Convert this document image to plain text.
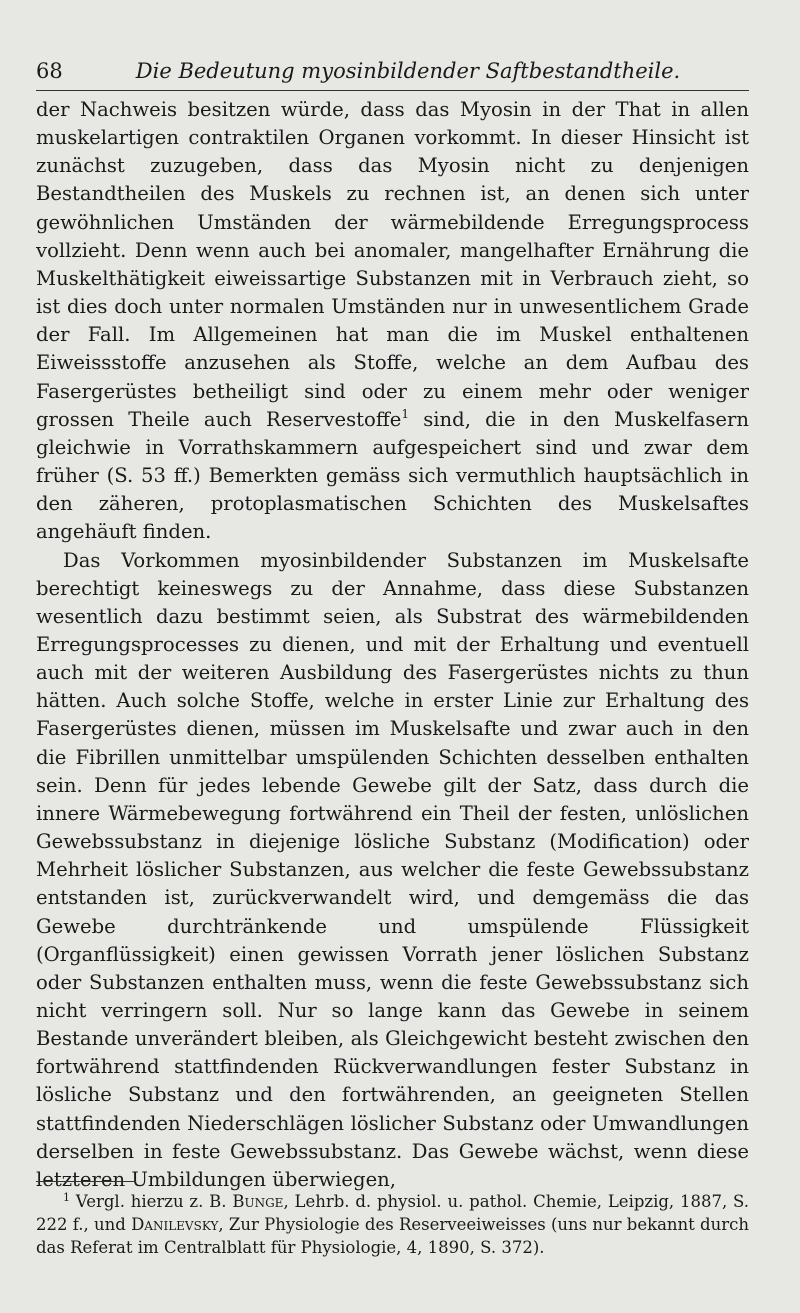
68	Die Bedeutung myosinbildender Saftbestandtheile.

der Nachweis besitzen würde, dass das Myosin in der That in allen muskelartigen contraktilen Organen vorkommt. In dieser Hinsicht ist zunächst zuzugeben, dass das Myosin nicht zu denjenigen Bestandtheilen des Muskels zu rechnen ist, an denen sich unter gewöhnlichen Umständen der wärmebildende Erregungsprocess vollzieht. Denn wenn auch bei anomaler, mangelhafter Ernährung die Muskelthätigkeit eiweissartige Substanzen mit in Verbrauch zieht, so ist dies doch unter normalen Umständen nur in unwesentlichem Grade der Fall. Im Allgemeinen hat man die im Muskel enthaltenen Eiweissstoffe anzusehen als Stoffe, welche an dem Aufbau des Fasergerüstes betheiligt sind oder zu einem mehr oder weniger grossen Theile auch Reservestoffe$^1$ sind, die in den Muskelfasern gleichwie in Vorrathskammern aufgespeichert sind und zwar dem früher (S. 53 ff.) Bemerkten gemäss sich vermuthlich hauptsächlich in den zäheren, protoplasmatischen Schichten des Muskelsaftes angehäuft finden.

Das Vorkommen myosinbildender Substanzen im Muskelsafte berechtigt keineswegs zu der Annahme, dass diese Substanzen wesentlich dazu bestimmt seien, als Substrat des wärmebildenden Erregungsprocesses zu dienen, und mit der Erhaltung und eventuell auch mit der weiteren Ausbildung des Fasergerüstes nichts zu thun hätten. Auch solche Stoffe, welche in erster Linie zur Erhaltung des Fasergerüstes dienen, müssen im Muskelsafte und zwar auch in den die Fibrillen unmittelbar umspülenden Schichten desselben enthalten sein. Denn für jedes lebende Gewebe gilt der Satz, dass durch die innere Wärmebewegung fortwährend ein Theil der festen, unlöslichen Gewebssubstanz in diejenige lösliche Substanz (Modification) oder Mehrheit löslicher Substanzen, aus welcher die feste Gewebssubstanz entstanden ist, zurückverwandelt wird, und demgemäss die das Gewebe durchtränkende und umspülende Flüssigkeit (Organflüssigkeit) einen gewissen Vorrath jener löslichen Substanz oder Substanzen enthalten muss, wenn die feste Gewebssubstanz sich nicht verringern soll. Nur so lange kann das Gewebe in seinem Bestande unverändert bleiben, als Gleichgewicht besteht zwischen den fortwährend stattfindenden Rückverwandlungen fester Substanz in lösliche Substanz und den fortwährenden, an geeigneten Stellen stattfindenden Niederschlägen löslicher Substanz oder Umwandlungen derselben in feste Gewebssubstanz. Das Gewebe wächst, wenn diese letzteren Umbildungen überwiegen,

$^1$ Vergl. hierzu z. B. Bunge, Lehrb. d. physiol. u. pathol. Chemie, Leipzig, 1887, S. 222 f., und Danilevsky, Zur Physiologie des Reserveeiweisses (uns nur bekannt durch das Referat im Centralblatt für Physiologie, 4, 1890, S. 372).
